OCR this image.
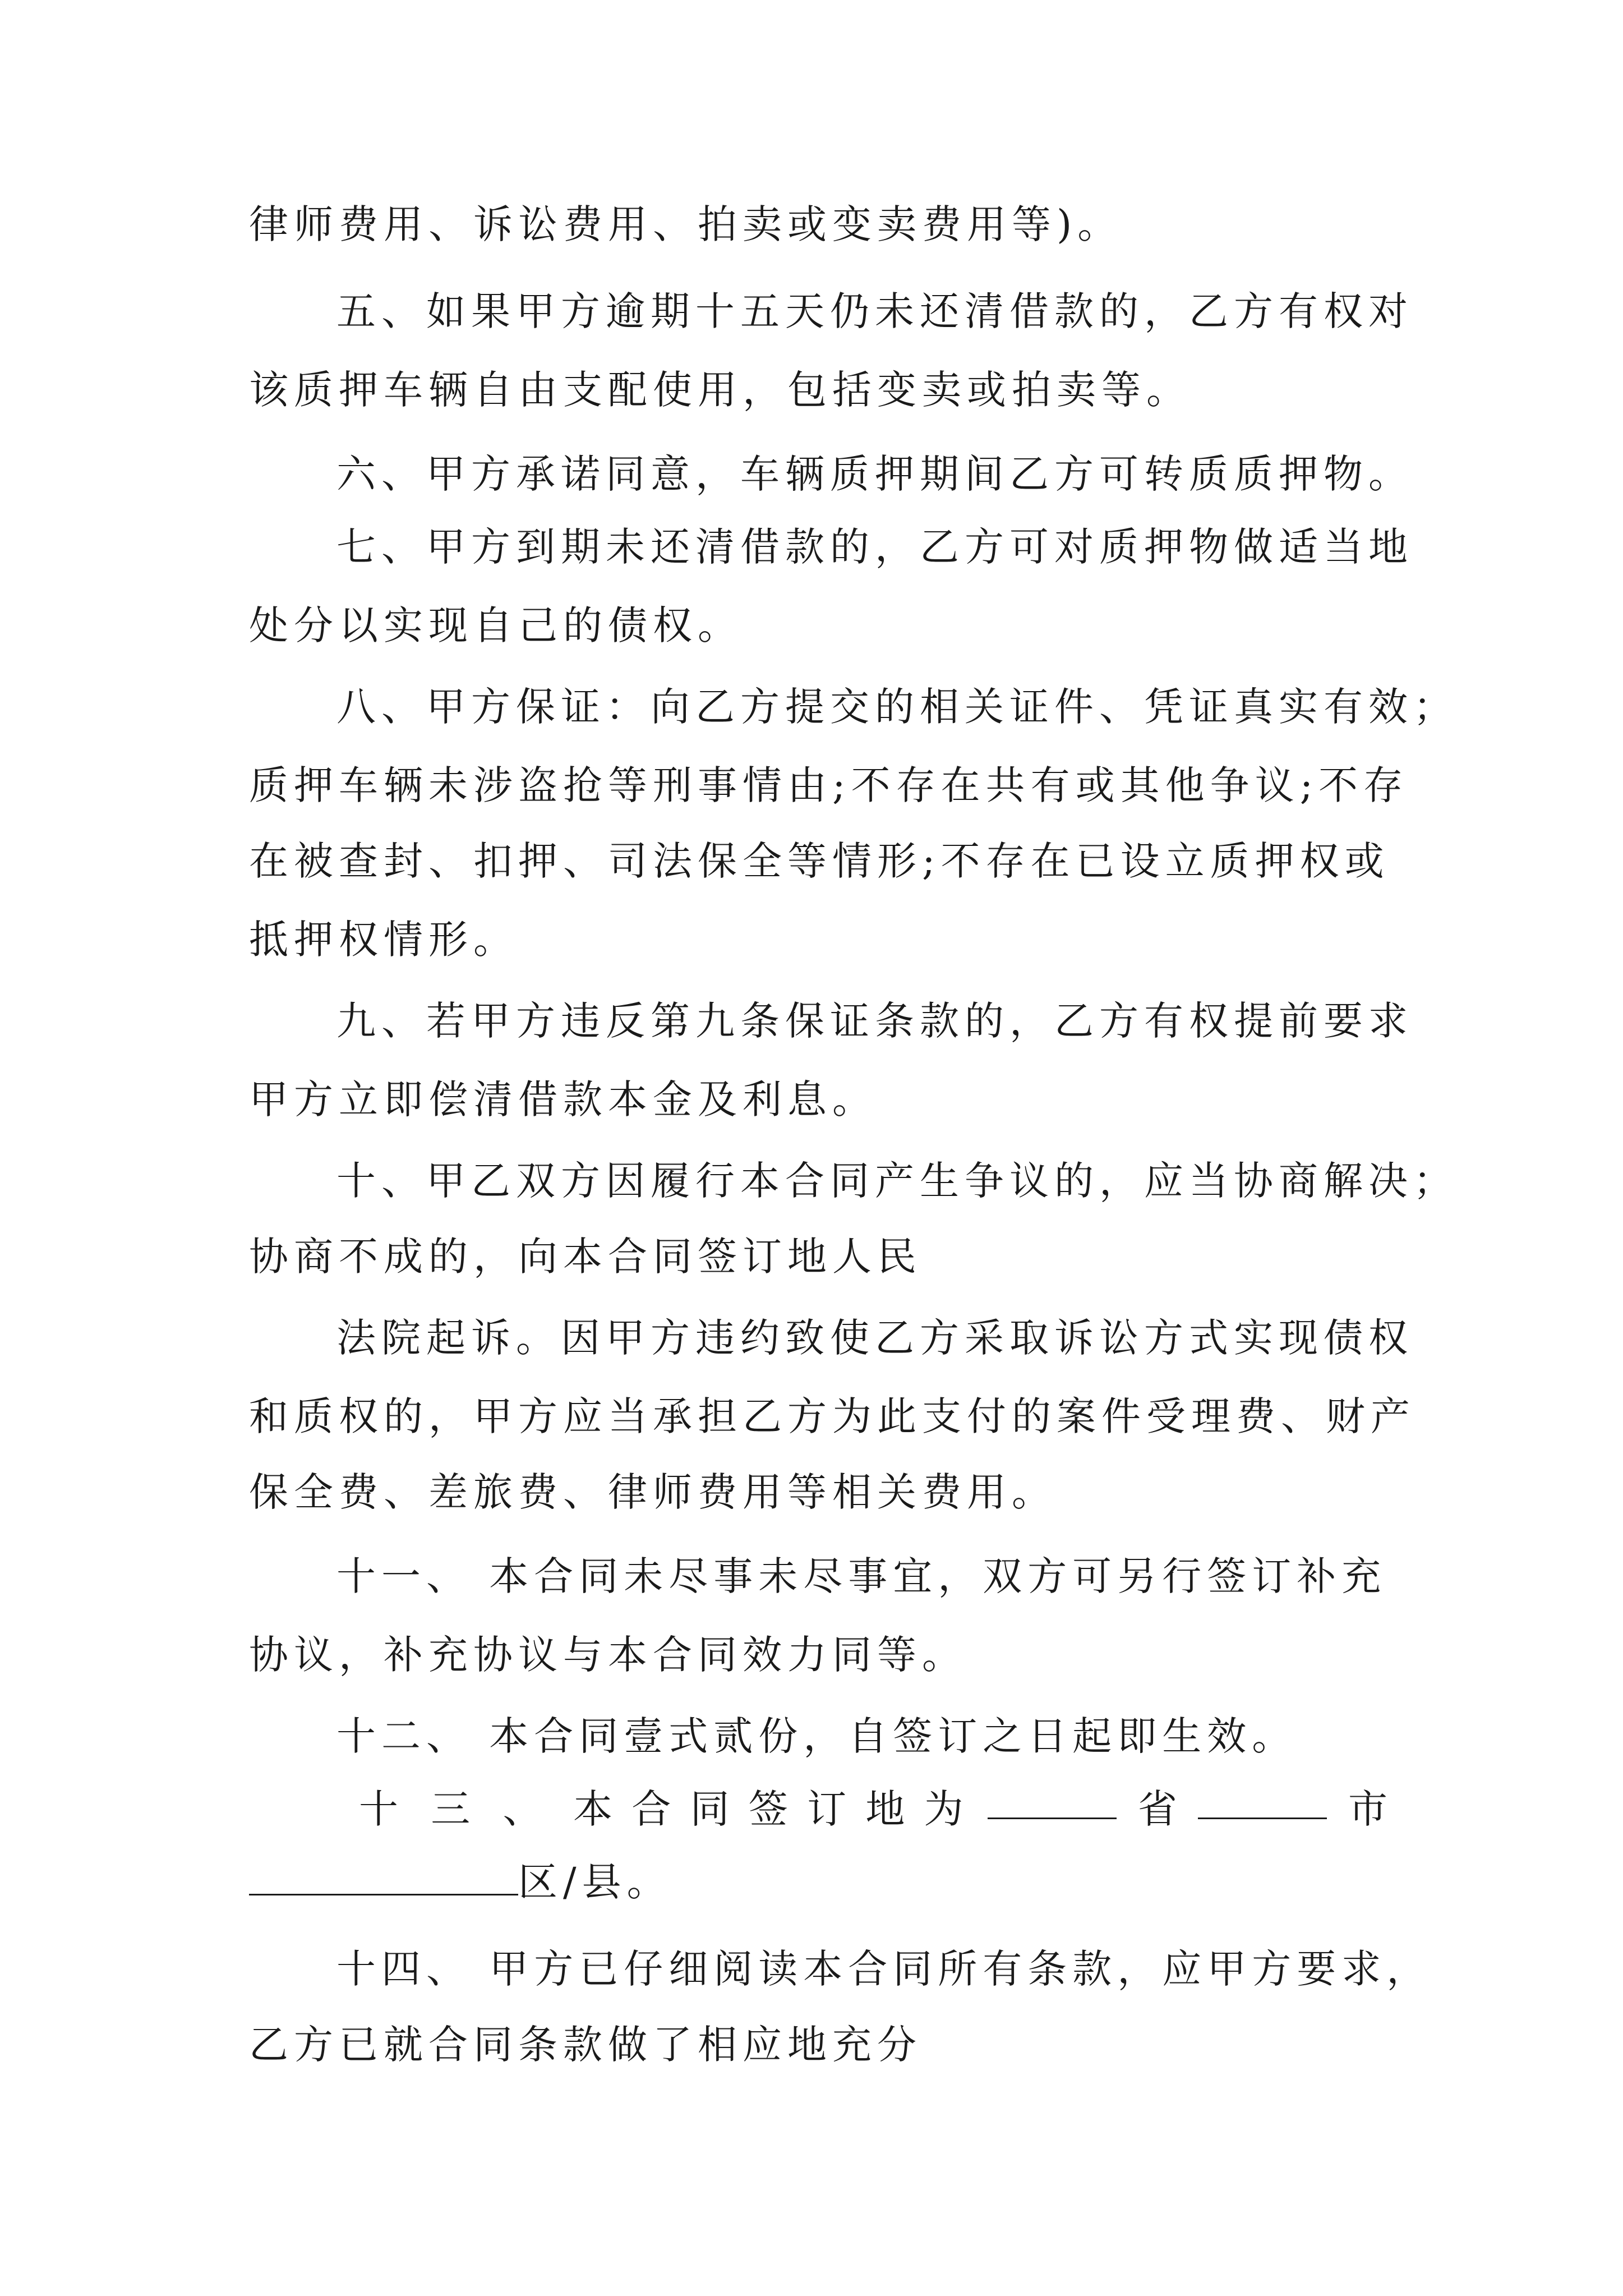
律师费用、诉讼费用、拍卖或变卖费用等)。
五、如果甲方逾期十五天仍未还清借款的，乙方有权对
该质押车辆自由支配使用，包括变卖或拍卖等。
六、甲方承诺同意，车辆质押期间乙方可转质质押物。
七、甲方到期未还清借款的，乙方可对质押物做适当地
处分以实现自己的债权。
八、甲方保证：向乙方提交的相关证件、凭证真实有效；
质押车辆未涉盗抢等刑事情由;不存在共有或其他争议;不存
在被查封、扣押、司法保全等情形;不存在已设立质押权或
抵押权情形。
九、若甲方违反第九条保证条款的，乙方有权提前要求
甲方立即偿清借款本金及利息。
十、甲乙双方因履行本合同产生争议的，应当协商解决；
协商不成的，向本合同签订地人民
法院起诉。因甲方违约致使乙方采取诉讼方式实现债权
和质权的，甲方应当承担乙方为此支付的案件受理费、财产
保全费、差旅费、律师费用等相关费用。
十一、 本合同未尽事未尽事宜，双方可另行签订补充
协议，补充协议与本合同效力同等。
十二、 本合同壹式贰份，自签订之日起即生效。
十 三 、 本 合 同 签 订 地 为	省	市
区/县。
十四、 甲方已仔细阅读本合同所有条款，应甲方要求，
乙方已就合同条款做了相应地充分
